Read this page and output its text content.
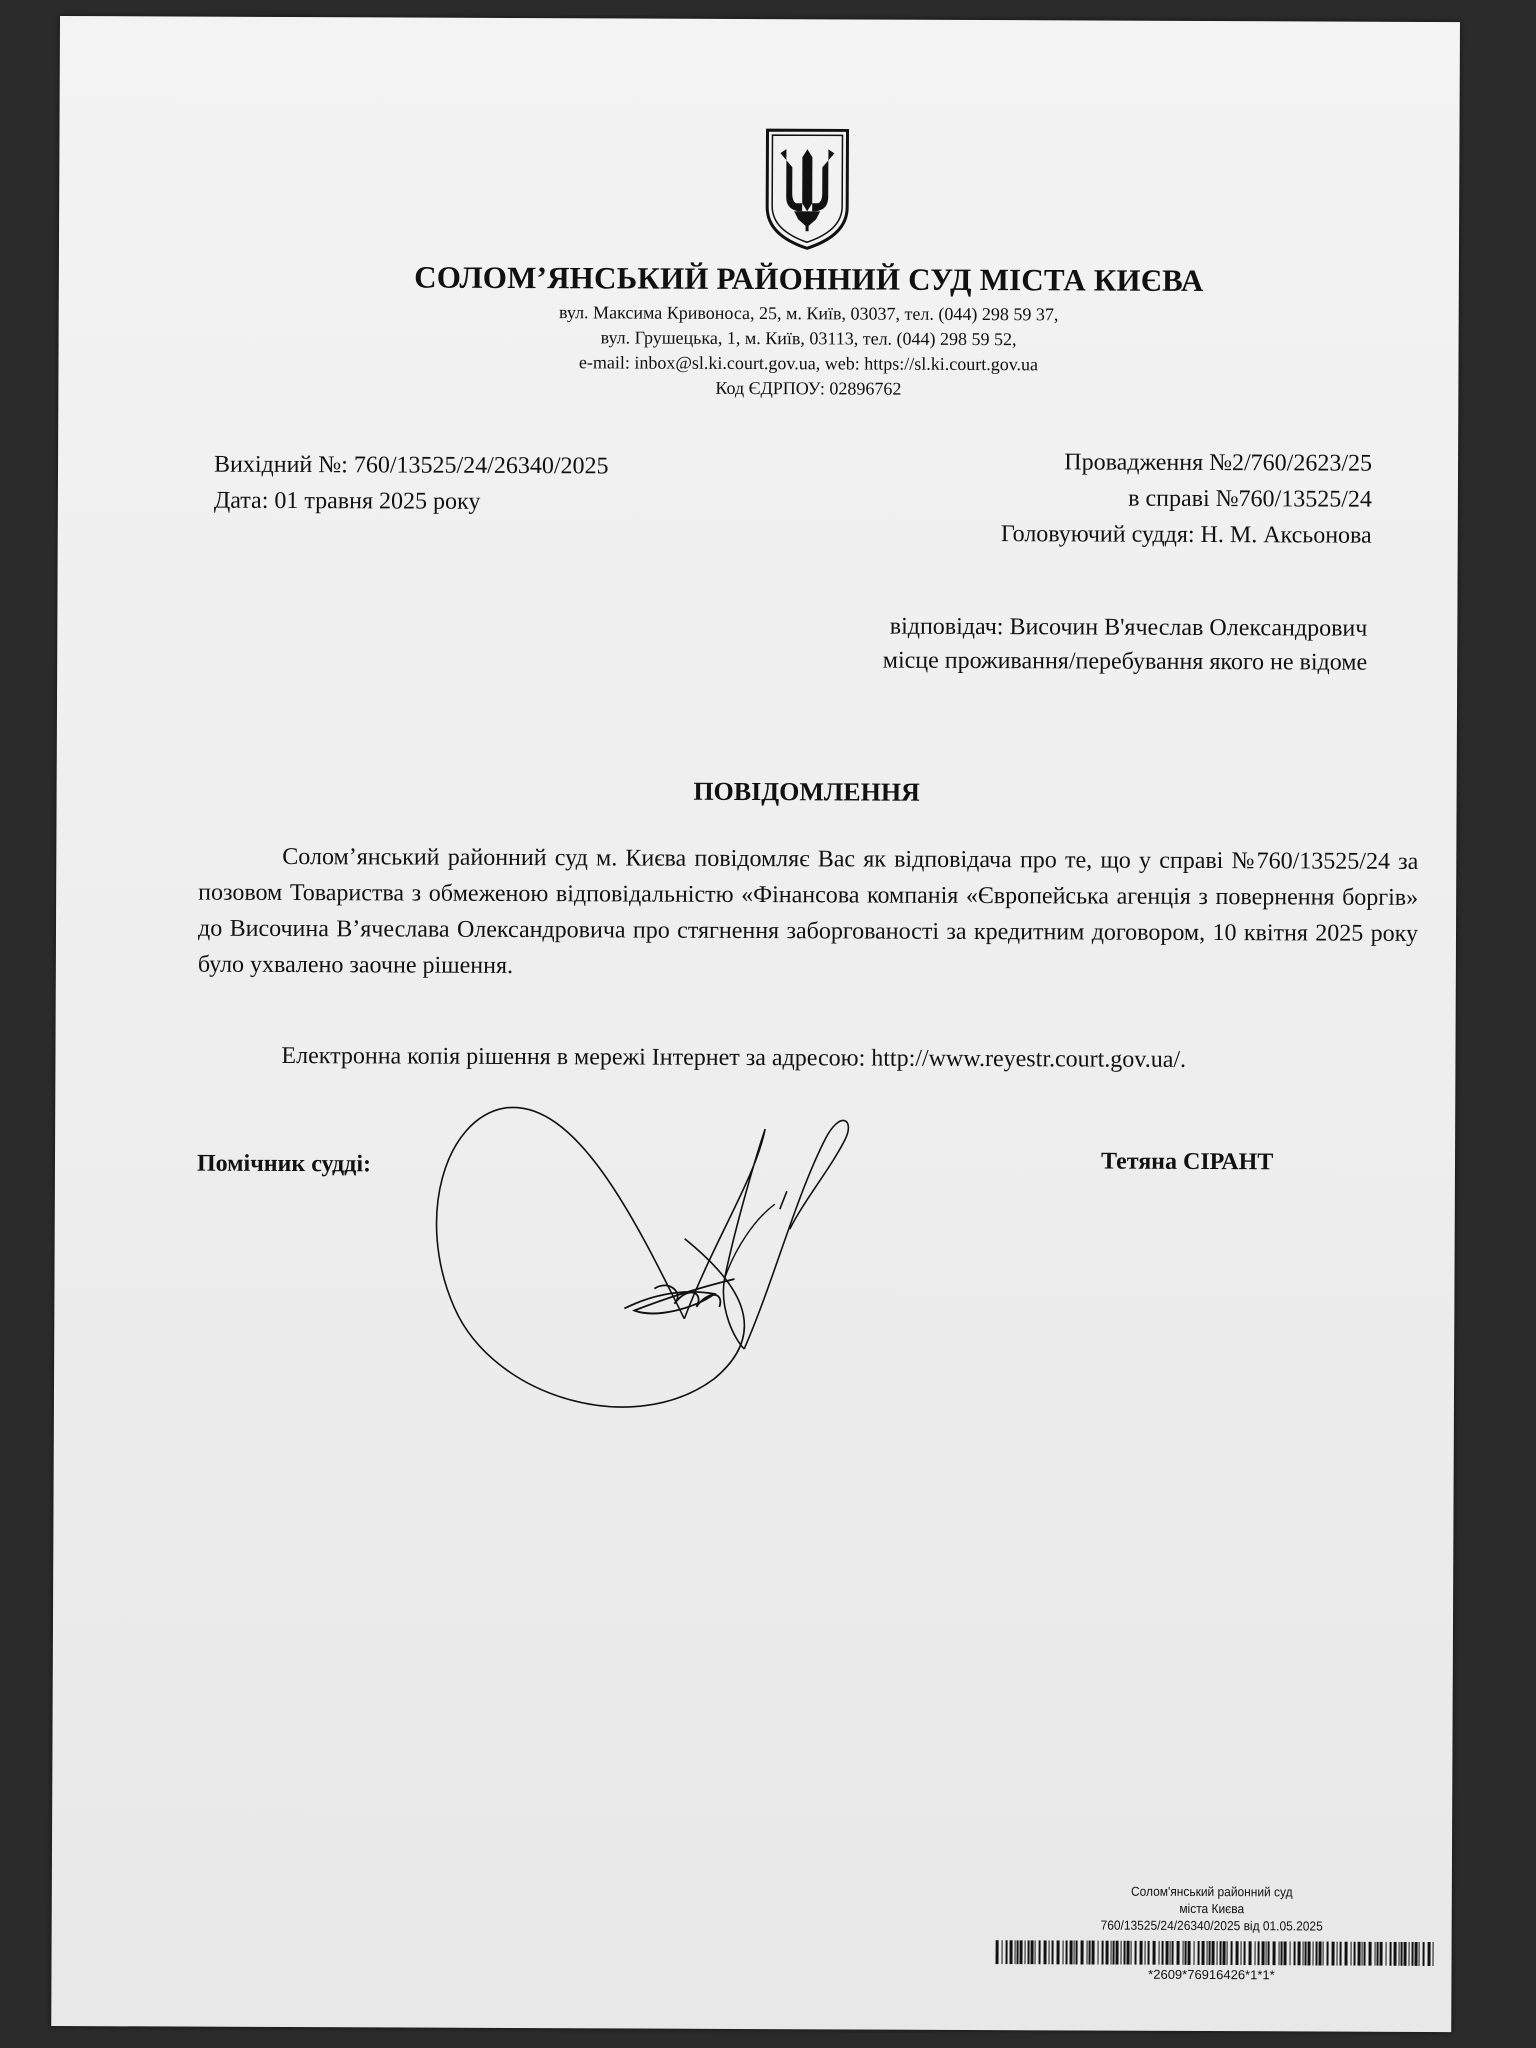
СОЛОМ’ЯНСЬКИЙ РАЙОННИЙ СУД МІСТА КИЄВА
вул. Максима Кривоноса, 25, м. Київ, 03037, тел. (044) 298 59 37,
вул. Грушецька, 1, м. Київ, 03113, тел. (044) 298 59 52,
e-mail: inbox@sl.ki.court.gov.ua, web: https://sl.ki.court.gov.ua
Код ЄДРПОУ: 02896762
Вихідний №: 760/13525/24/26340/2025
Дата: 01 травня 2025 року
Провадження №2/760/2623/25
в справі №760/13525/24
Головуючий суддя: Н. М. Аксьонова
відповідач: Височин В'ячеслав Олександрович
місце проживання/перебування якого не відоме
ПОВІДОМЛЕННЯ
Солом’янський районний суд м. Києва повідомляє Вас як відповідача про те, що у справі №760/13525/24 за позовом Товариства з обмеженою відповідальністю «Фінансова компанія «Європейська агенція з повернення боргів» до Височина В’ячеслава Олександровича про стягнення заборгованості за кредитним договором, 10 квітня 2025 року було ухвалено заочне рішення.
Електронна копія рішення в мережі Інтернет за адресою: http://www.reyestr.court.gov.ua/.
Помічник судді:	Тетяна СІРАНТ
Солом'янський районний суд
міста Києва
760/13525/24/26340/2025 від 01.05.2025
*2609*76916426*1*1*
